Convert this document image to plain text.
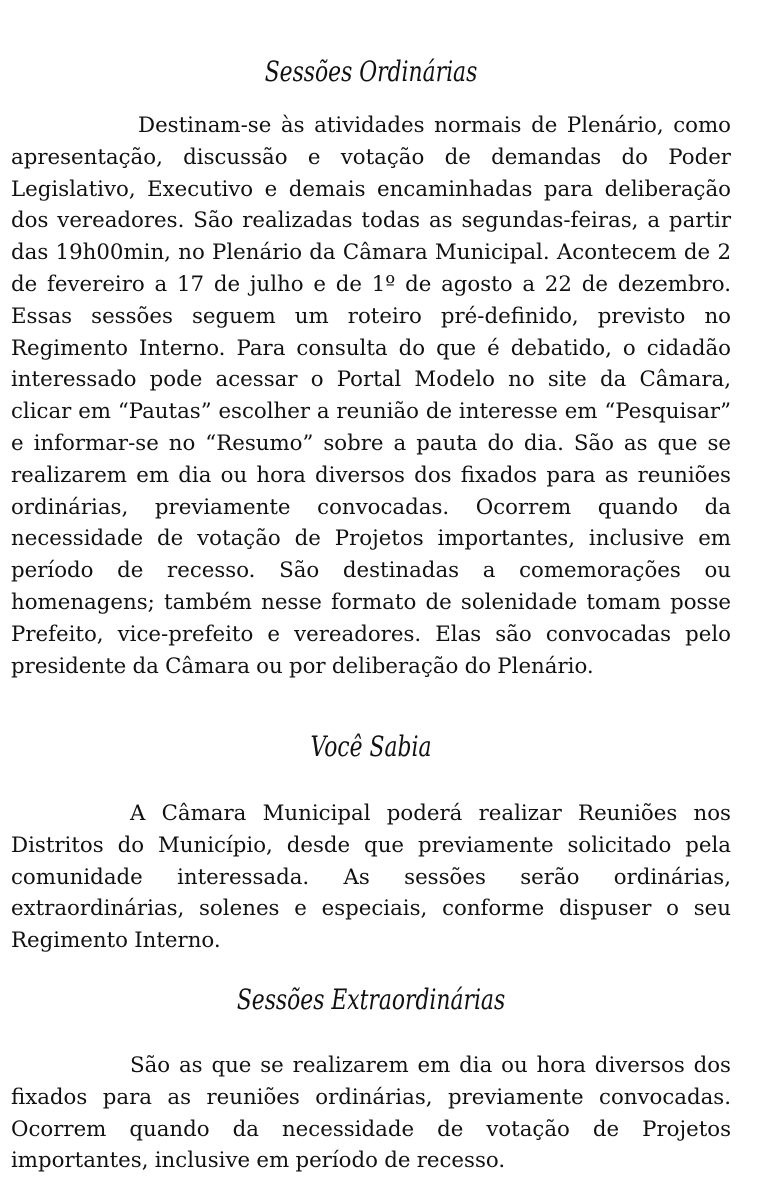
Sessões Ordinárias

Destinam-se às atividades normais de Plenário, como apresentação, discussão e votação de demandas do Poder Legislativo, Executivo e demais encaminhadas para deliberação dos vereadores. São realizadas todas as segundas-feiras, a partir das 19h00min, no Plenário da Câmara Municipal. Acontecem de 2 de fevereiro a 17 de julho e de 1º de agosto a 22 de dezembro. Essas sessões seguem um roteiro pré-definido, previsto no Regimento Interno. Para consulta do que é debatido, o cidadão interessado pode acessar o Portal Modelo no site da Câmara, clicar em “Pautas” escolher a reunião de interesse em “Pesquisar” e informar-se no “Resumo” sobre a pauta do dia. São as que se realizarem em dia ou hora diversos dos fixados para as reuniões ordinárias, previamente convocadas. Ocorrem quando da necessidade de votação de Projetos importantes, inclusive em período de recesso. São destinadas a comemorações ou homenagens; também nesse formato de solenidade tomam posse Prefeito, vice-prefeito e vereadores. Elas são convocadas pelo presidente da Câmara ou por deliberação do Plenário.

Você Sabia

A Câmara Municipal poderá realizar Reuniões nos Distritos do Município, desde que previamente solicitado pela comunidade interessada. As sessões serão ordinárias, extraordinárias, solenes e especiais, conforme dispuser o seu Regimento Interno.

Sessões Extraordinárias

São as que se realizarem em dia ou hora diversos dos fixados para as reuniões ordinárias, previamente convocadas. Ocorrem quando da necessidade de votação de Projetos importantes, inclusive em período de recesso.
